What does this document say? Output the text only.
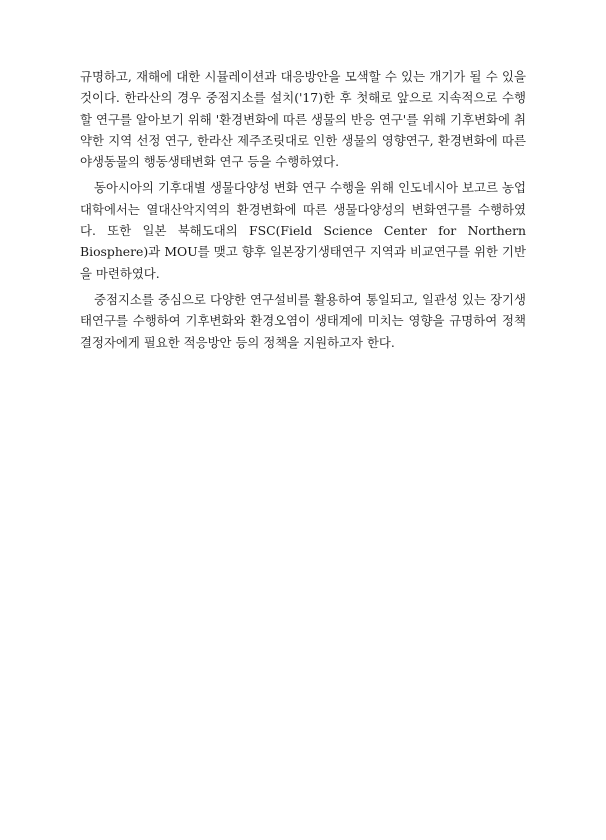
규명하고, 재해에 대한 시뮬레이션과 대응방안을 모색할 수 있는 개기가 될 수 있을 것이다. 한라산의 경우 중점지소를 설치('17)한 후 첫해로 앞으로 지속적으로 수행 할 연구를 알아보기 위해 '환경변화에 따른 생물의 반응 연구'를 위해 기후변화에 취약한 지역 선정 연구, 한라산 제주조릿대로 인한 생물의 영향연구, 환경변화에 따른 야생동물의 행동생태변화 연구 등을 수행하였다.

동아시아의 기후대별 생물다양성 변화 연구 수행을 위해 인도네시아 보고르 농업대학에서는 열대산악지역의 환경변화에 따른 생물다양성의 변화연구를 수행하였다. 또한 일본 북해도대의 FSC(Field Science Center for Northern Biosphere)과 MOU를 맺고 향후 일본장기생태연구 지역과 비교연구를 위한 기반을 마련하였다.

중점지소를 중심으로 다양한 연구설비를 활용하여 통일되고, 일관성 있는 장기생태연구를 수행하여 기후변화와 환경오염이 생태계에 미치는 영향을 규명하여 정책결정자에게 필요한 적응방안 등의 정책을 지원하고자 한다.
